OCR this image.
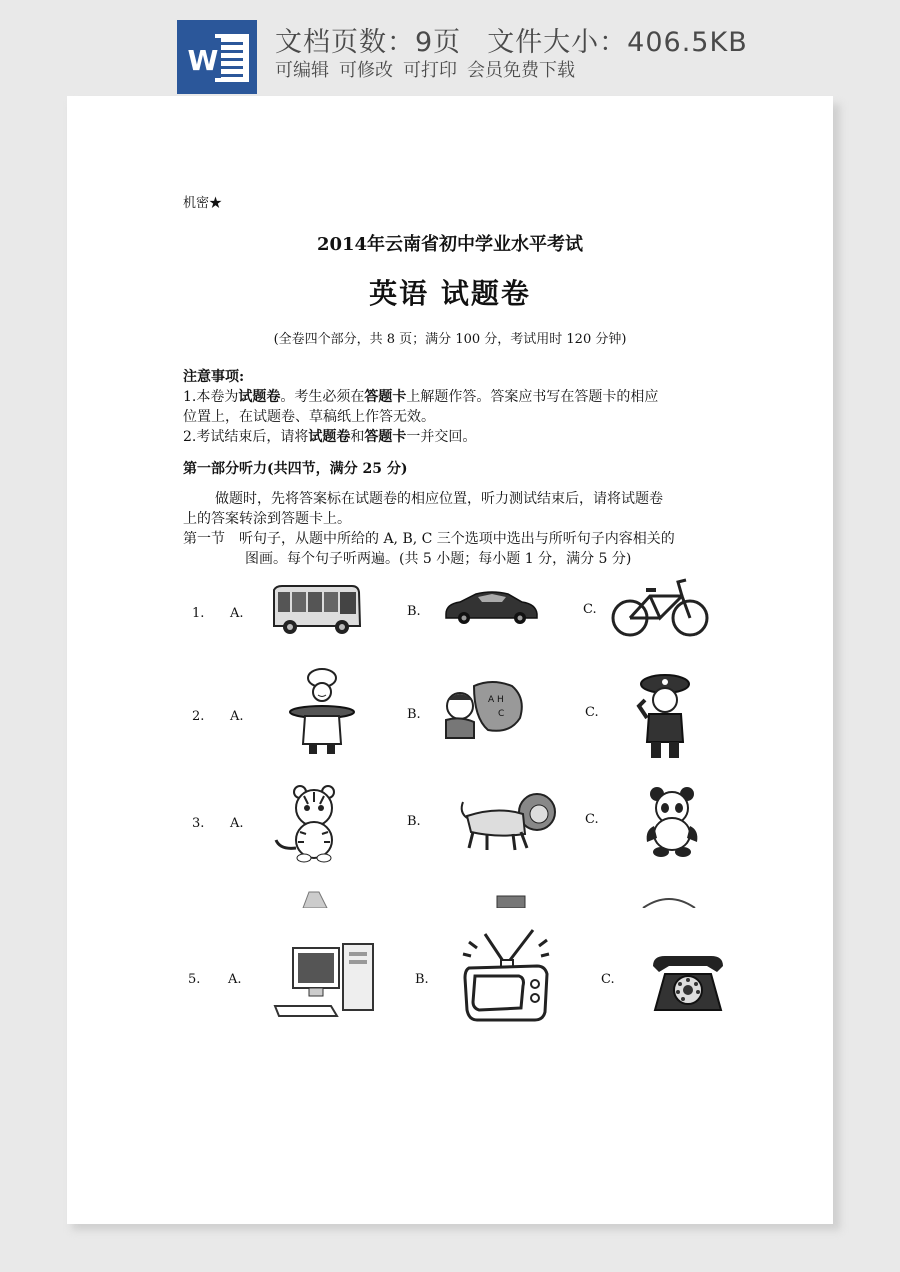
W
文档页数：9页 文件大小：406.5KB
可编辑 可修改 可打印 会员免费下载
机密★
2014年云南省初中学业水平考试
英语 试题卷
(全卷四个部分，共 8 页；满分 100 分，考试用时 120 分钟)
注意事项:
1.本卷为试题卷。考生必须在答题卡上解题作答。答案应书写在答题卡的相应
位置上，在试题卷、草稿纸上作答无效。
2.考试结束后，请将试题卷和答题卡一并交回。
第一部分听力(共四节，满分 25 分)
做题时，先将答案标在试题卷的相应位置，听力测试结束后，请将试题卷
上的答案转涂到答题卡上。
第一节　听句子，从题中所给的 A, B, C 三个选项中选出与所听句子内容相关的
图画。每个句子听两遍。(共 5 小题；每小题 1 分，满分 5 分)
1. A.	B.	C.
2. A.	B.	C.
A H
C
3. A.	B.	C.
5. A.	B.	C.
